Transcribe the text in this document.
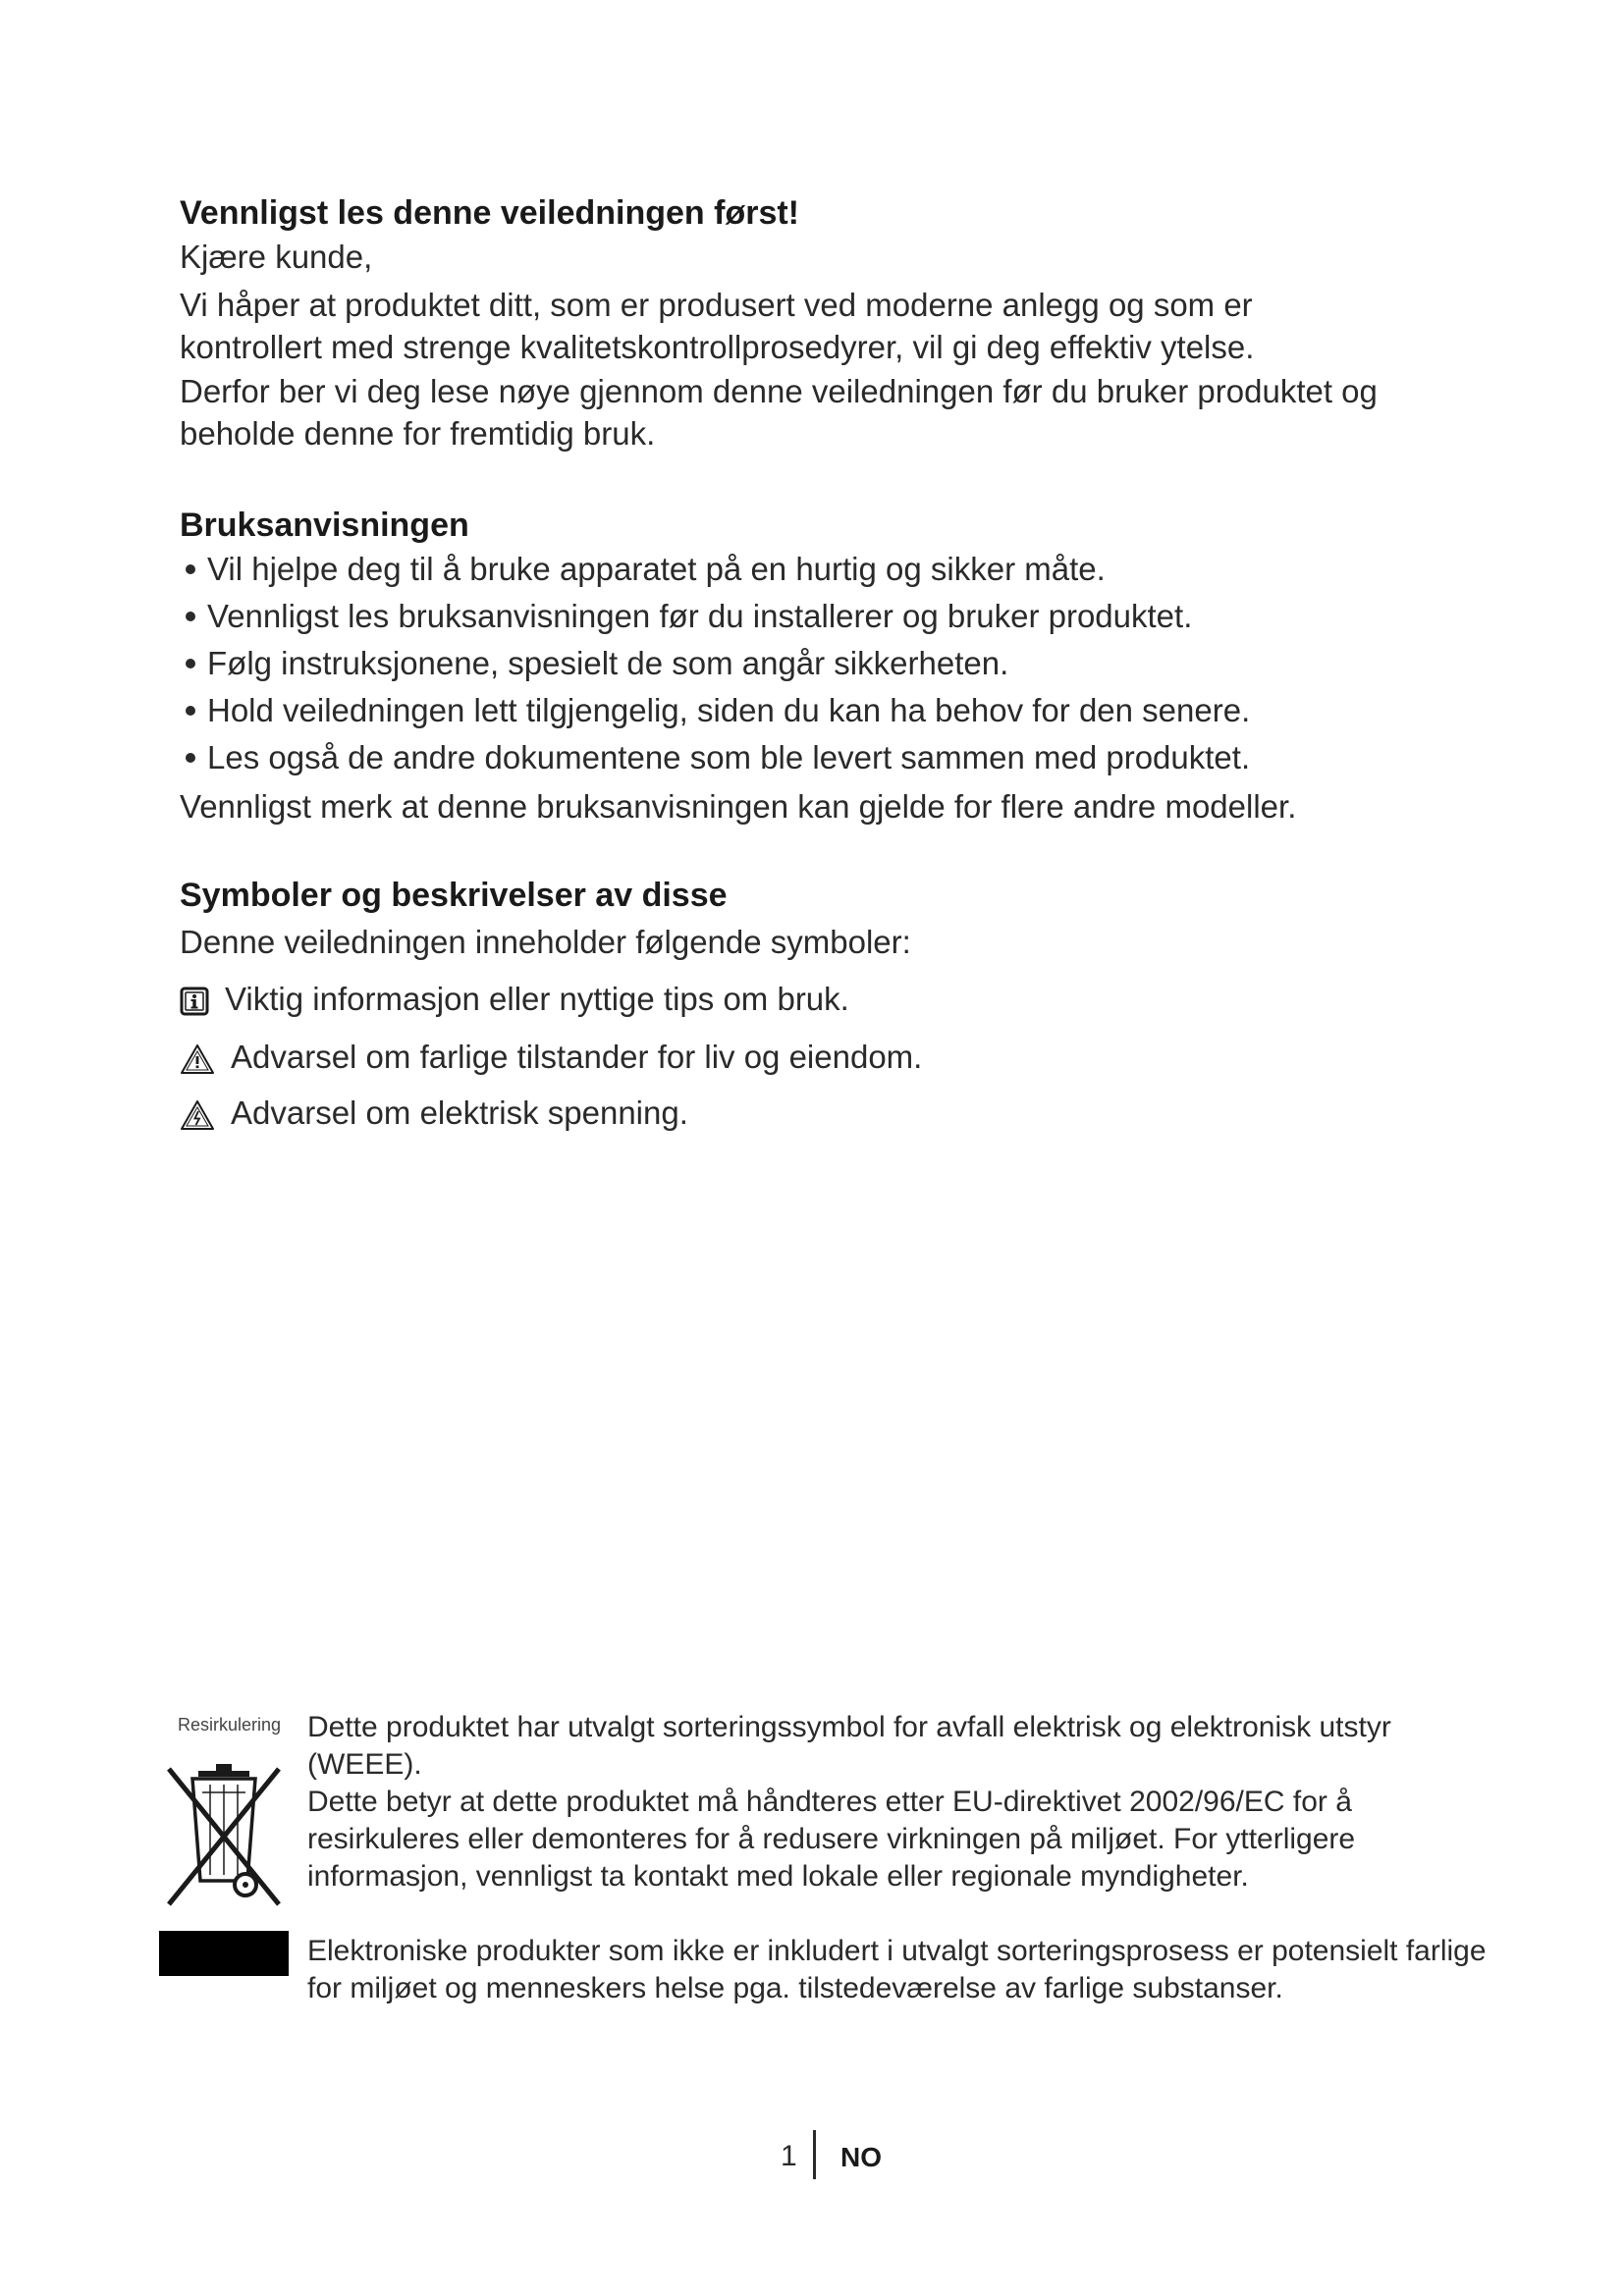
Vennligst les denne veiledningen først!

Kjære kunde,

Vi håper at produktet ditt, som er produsert ved moderne anlegg og som er kontrollert med strenge kvalitetskontrollprosedyrer, vil gi deg effektiv ytelse.

Derfor ber vi deg lese nøye gjennom denne veiledningen før du bruker produktet og beholde denne for fremtidig bruk.

Bruksanvisningen
Vil hjelpe deg til å bruke apparatet på en hurtig og sikker måte.
Vennligst les bruksanvisningen før du installerer og bruker produktet.
Følg instruksjonene, spesielt de som angår sikkerheten.
Hold veiledningen lett tilgjengelig, siden du kan ha behov for den senere.
Les også de andre dokumentene som ble levert sammen med produktet.

Vennligst merk at denne bruksanvisningen kan gjelde for flere andre modeller.

Symboler og beskrivelser av disse

Denne veiledningen inneholder følgende symboler:

Viktig informasjon eller nyttige tips om bruk.
Advarsel om farlige tilstander for liv og eiendom.
Advarsel om elektrisk spenning.
Resirkulering Dette produktet har utvalgt sorteringssymbol for avfall elektrisk og elektronisk utstyr (WEEE).

Dette betyr at dette produktet må håndteres etter EU-direktivet 2002/96/EC for å resirkuleres eller demonteres for å redusere virkningen på miljøet. For ytterligere informasjon, vennligst ta kontakt med lokale eller regionale myndigheter.

Elektroniske produkter som ikke er inkludert i utvalgt sorteringsprosess er potensielt farlige for miljøet og menneskers helse pga. tilstedeværelse av farlige substanser.

1 NO
